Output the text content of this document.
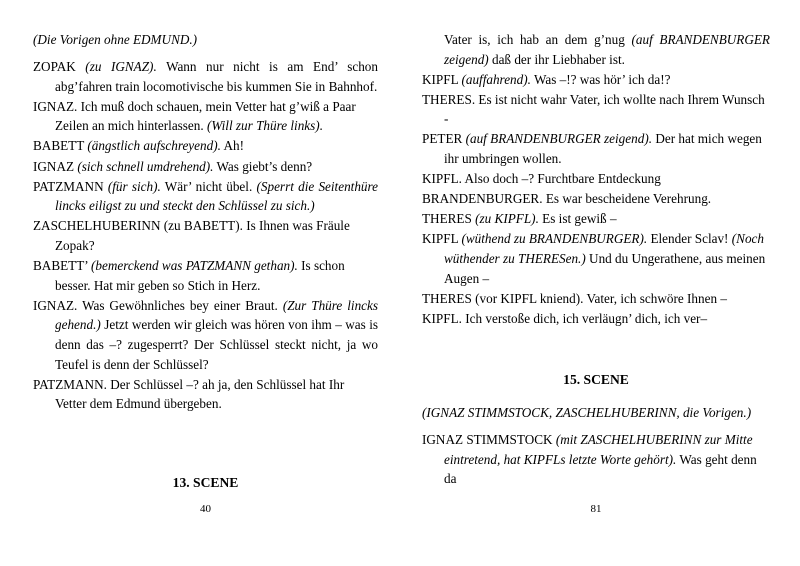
(Die Vorigen ohne EDMUND.)

ZOPAK (zu IGNAZ). Wann nur nicht is am End’ schon abg’fahren train locomotivische bis kummen Sie in Bahnhof.

IGNAZ. Ich muß doch schauen, mein Vetter hat g’wiß a Paar Zeilen an mich hinterlassen. (Will zur Thüre links).

BABETT (ängstlich aufschreyend). Ah!

IGNAZ (sich schnell umdrehend). Was giebt’s denn?

PATZMANN (für sich). Wär’ nicht übel. (Sperrt die Seitenthüre lincks eiligst zu und steckt den Schlüssel zu sich.)

ZASCHELHUBERINN (zu BABETT). Is Ihnen was Fräule Zopak?

BABETT’ (bemerckend was PATZMANN gethan). Is schon besser. Hat mir geben so Stich in Herz.

IGNAZ. Was Gewöhnliches bey einer Braut. (Zur Thüre lincks gehend.) Jetzt werden wir gleich was hören von ihm – was is denn das –? zugesperrt? Der Schlüssel steckt nicht, ja wo Teufel is denn der Schlüssel?

PATZMANN. Der Schlüssel –? ah ja, den Schlüssel hat Ihr Vetter dem Edmund übergeben.

13. SCENE

40

Vater is, ich hab an dem g’nug (auf BRANDENBURGER zeigend) daß der ihr Liebhaber ist.

KIPFL (auffahrend). Was –!? was hör’ ich da!?

THERES. Es ist nicht wahr Vater, ich wollte nach Ihrem Wunsch -

PETER (auf BRANDENBURGER zeigend). Der hat mich wegen ihr umbringen wollen.

KIPFL. Also doch –? Furchtbare Entdeckung

BRANDENBURGER. Es war bescheidene Verehrung.

THERES (zu KIPFL). Es ist gewiß –

KIPFL (wüthend zu BRANDENBURGER). Elender Sclav! (Noch wüthender zu THERESen.) Und du Ungerathene, aus meinen Augen –

THERES (vor KIPFL kniend). Vater, ich schwöre Ihnen –

KIPFL. Ich verstoße dich, ich verläugn’ dich, ich ver–

15. SCENE

(IGNAZ STIMMSTOCK, ZASCHELHUBERINN, die Vorigen.)

IGNAZ STIMMSTOCK (mit ZASCHELHUBERINN zur Mitte eintretend, hat KIPFLs letzte Worte gehört). Was geht denn da

81
